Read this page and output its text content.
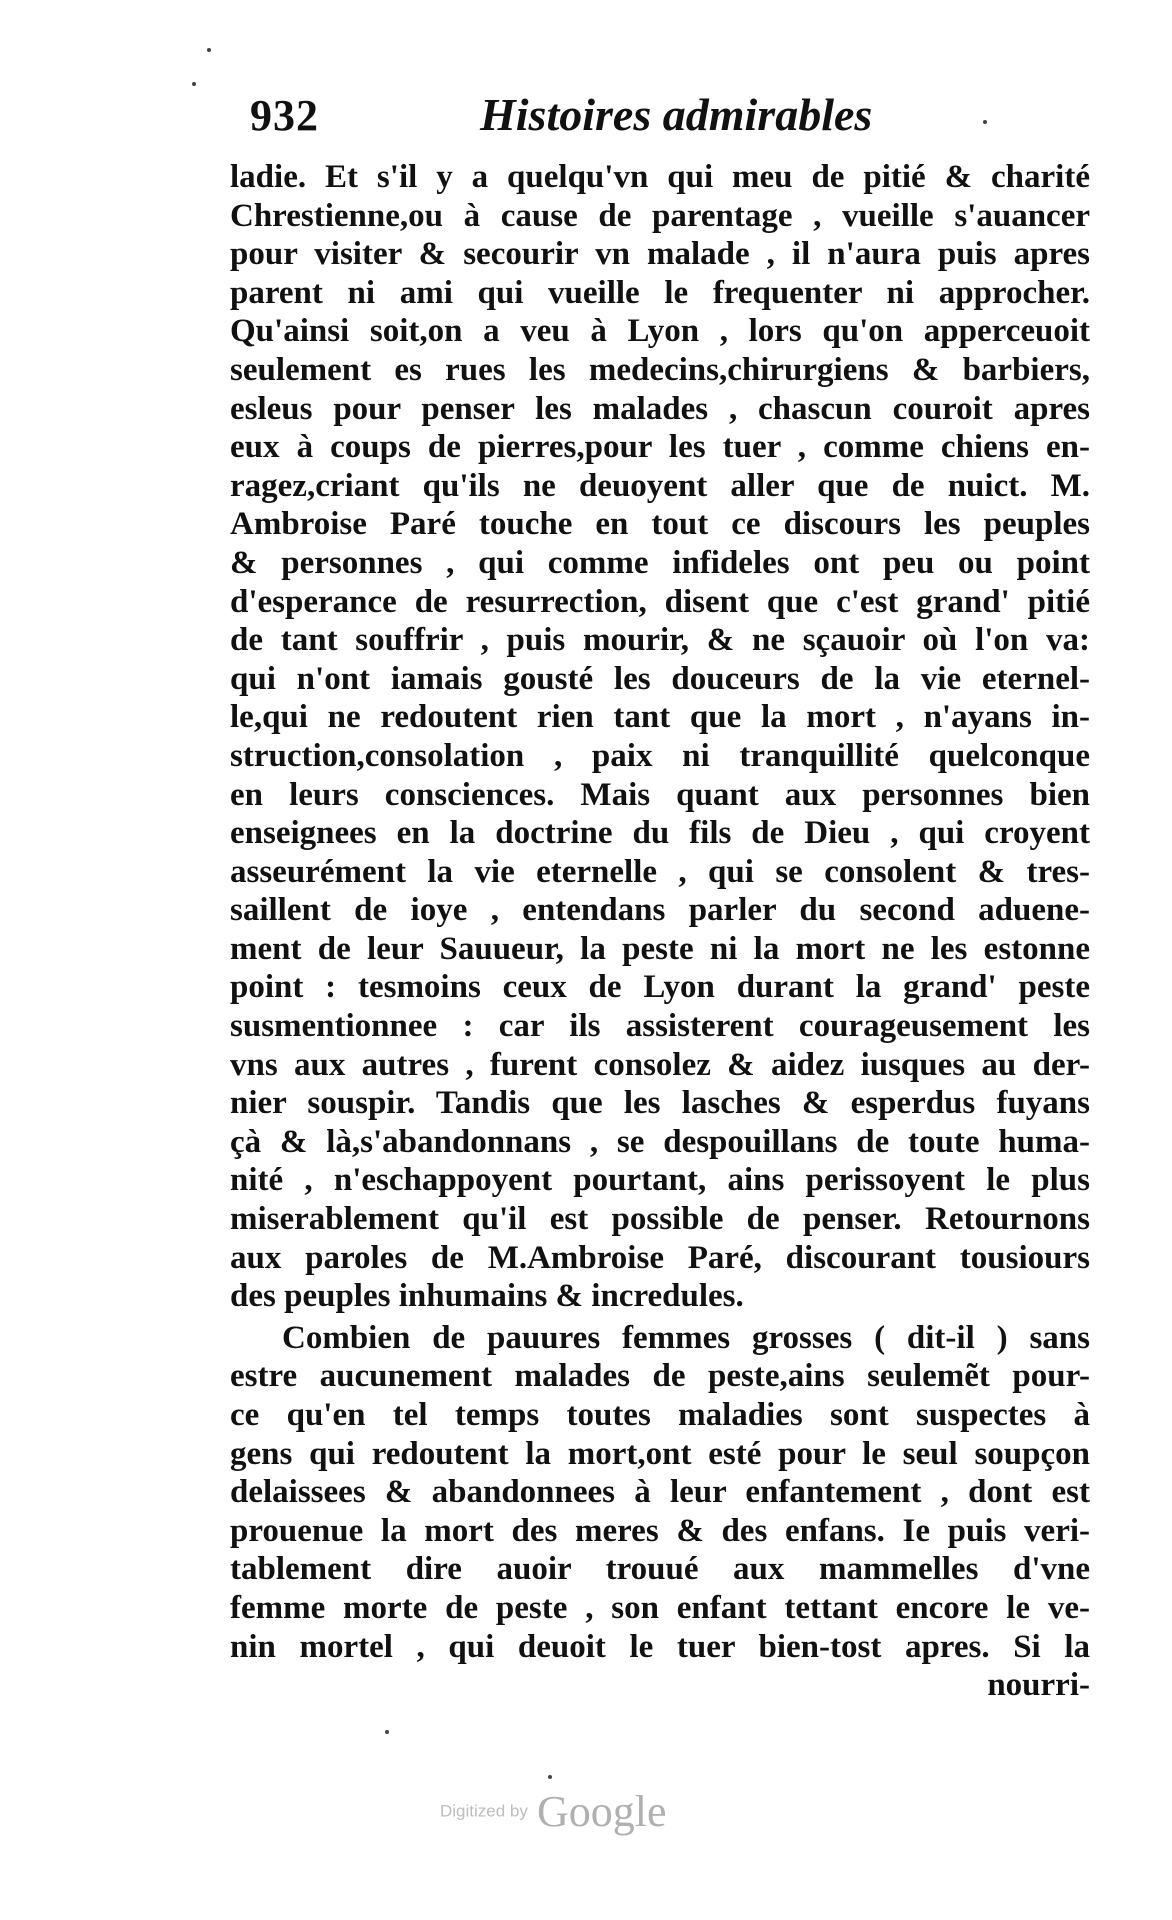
932	Histoires admirables
ladie. Et s'il y a quelqu'vn qui meu de pitié & charité
Chrestienne,ou à cause de parentage , vueille s'auancer
pour visiter & secourir vn malade , il n'aura puis apres
parent ni ami qui vueille le frequenter ni approcher.
Qu'ainsi soit,on a veu à Lyon , lors qu'on apperceuoit
seulement es rues les medecins,chirurgiens & barbiers,
esleus pour penser les malades , chascun couroit apres
eux à coups de pierres,pour les tuer , comme chiens en-
ragez,criant qu'ils ne deuoyent aller que de nuict. M.
Ambroise Paré touche en tout ce discours les peuples
& personnes , qui comme infideles ont peu ou point
d'esperance de resurrection, disent que c'est grand' pitié
de tant souffrir , puis mourir, & ne sçauoir où l'on va:
qui n'ont iamais gousté les douceurs de la vie eternel-
le,qui ne redoutent rien tant que la mort , n'ayans in-
struction,consolation , paix ni tranquillité quelconque
en leurs consciences. Mais quant aux personnes bien
enseignees en la doctrine du fils de Dieu , qui croyent
asseurément la vie eternelle , qui se consolent & tres-
saillent de ioye , entendans parler du second aduene-
ment de leur Sauueur, la peste ni la mort ne les estonne
point : tesmoins ceux de Lyon durant la grand' peste
susmentionnee : car ils assisterent courageusement les
vns aux autres , furent consolez & aidez iusques au der-
nier souspir. Tandis que les lasches & esperdus fuyans
çà & là,s'abandonnans , se despouillans de toute huma-
nité , n'eschappoyent pourtant, ains perissoyent le plus
miserablement qu'il est possible de penser. Retournons
aux paroles de M.Ambroise Paré, discourant tousiours
des peuples inhumains & incredules.
Combien de pauures femmes grosses ( dit-il ) sans
estre aucunement malades de peste,ains seulemẽt pour-
ce qu'en tel temps toutes maladies sont suspectes à
gens qui redoutent la mort,ont esté pour le seul soupçon
delaissees & abandonnees à leur enfantement , dont est
prouenue la mort des meres & des enfans. Ie puis veri-
tablement dire auoir trouué aux mammelles d'vne
femme morte de peste , son enfant tettant encore le ve-
nin mortel , qui deuoit le tuer bien-tost apres. Si la
nourri-
Digitized by Google
